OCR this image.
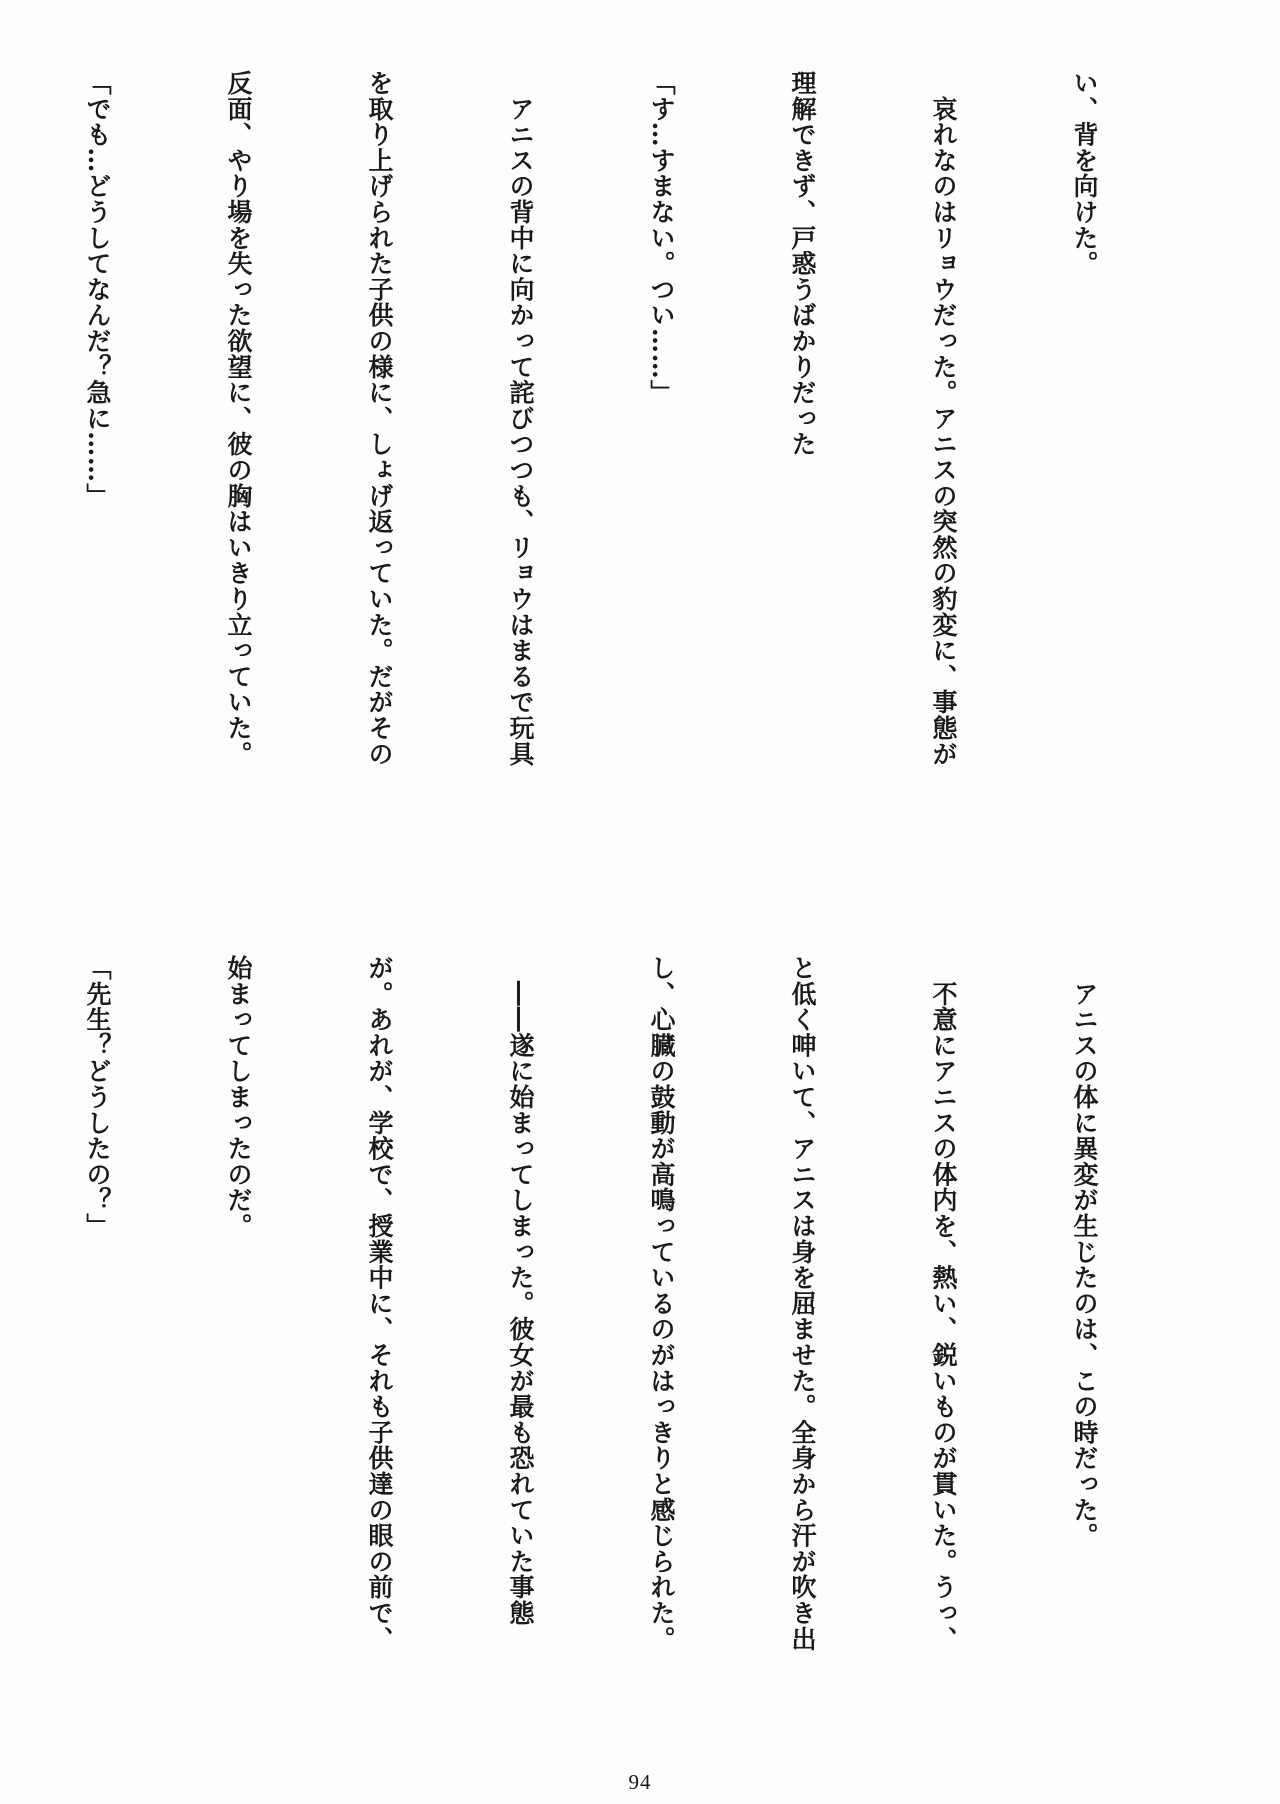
い、背を向けた。

　哀れなのはリョウだった。アニスの突然の豹変に、事態が

理解できず、戸惑うばかりだった

「す…すまない。つい……」

　アニスの背中に向かって詫びつつも、リョウはまるで玩具

を取り上げられた子供の様に、しょげ返っていた。だがその

反面、やり場を失った欲望に、彼の胸はいきり立っていた。

「でも…どうしてなんだ？急に……」

　アニスの体に異変が生じたのは、この時だった。

　不意にアニスの体内を、熱い、鋭いものが貫いた。うっ、

と低く呻いて、アニスは身を屈ませた。全身から汗が吹き出

し、心臓の鼓動が高鳴っているのがはっきりと感じられた。

　――遂に始まってしまった。彼女が最も恐れていた事態

が。あれが、学校で、授業中に、それも子供達の眼の前で、

始まってしまったのだ。

「先生？どうしたの？」

94
